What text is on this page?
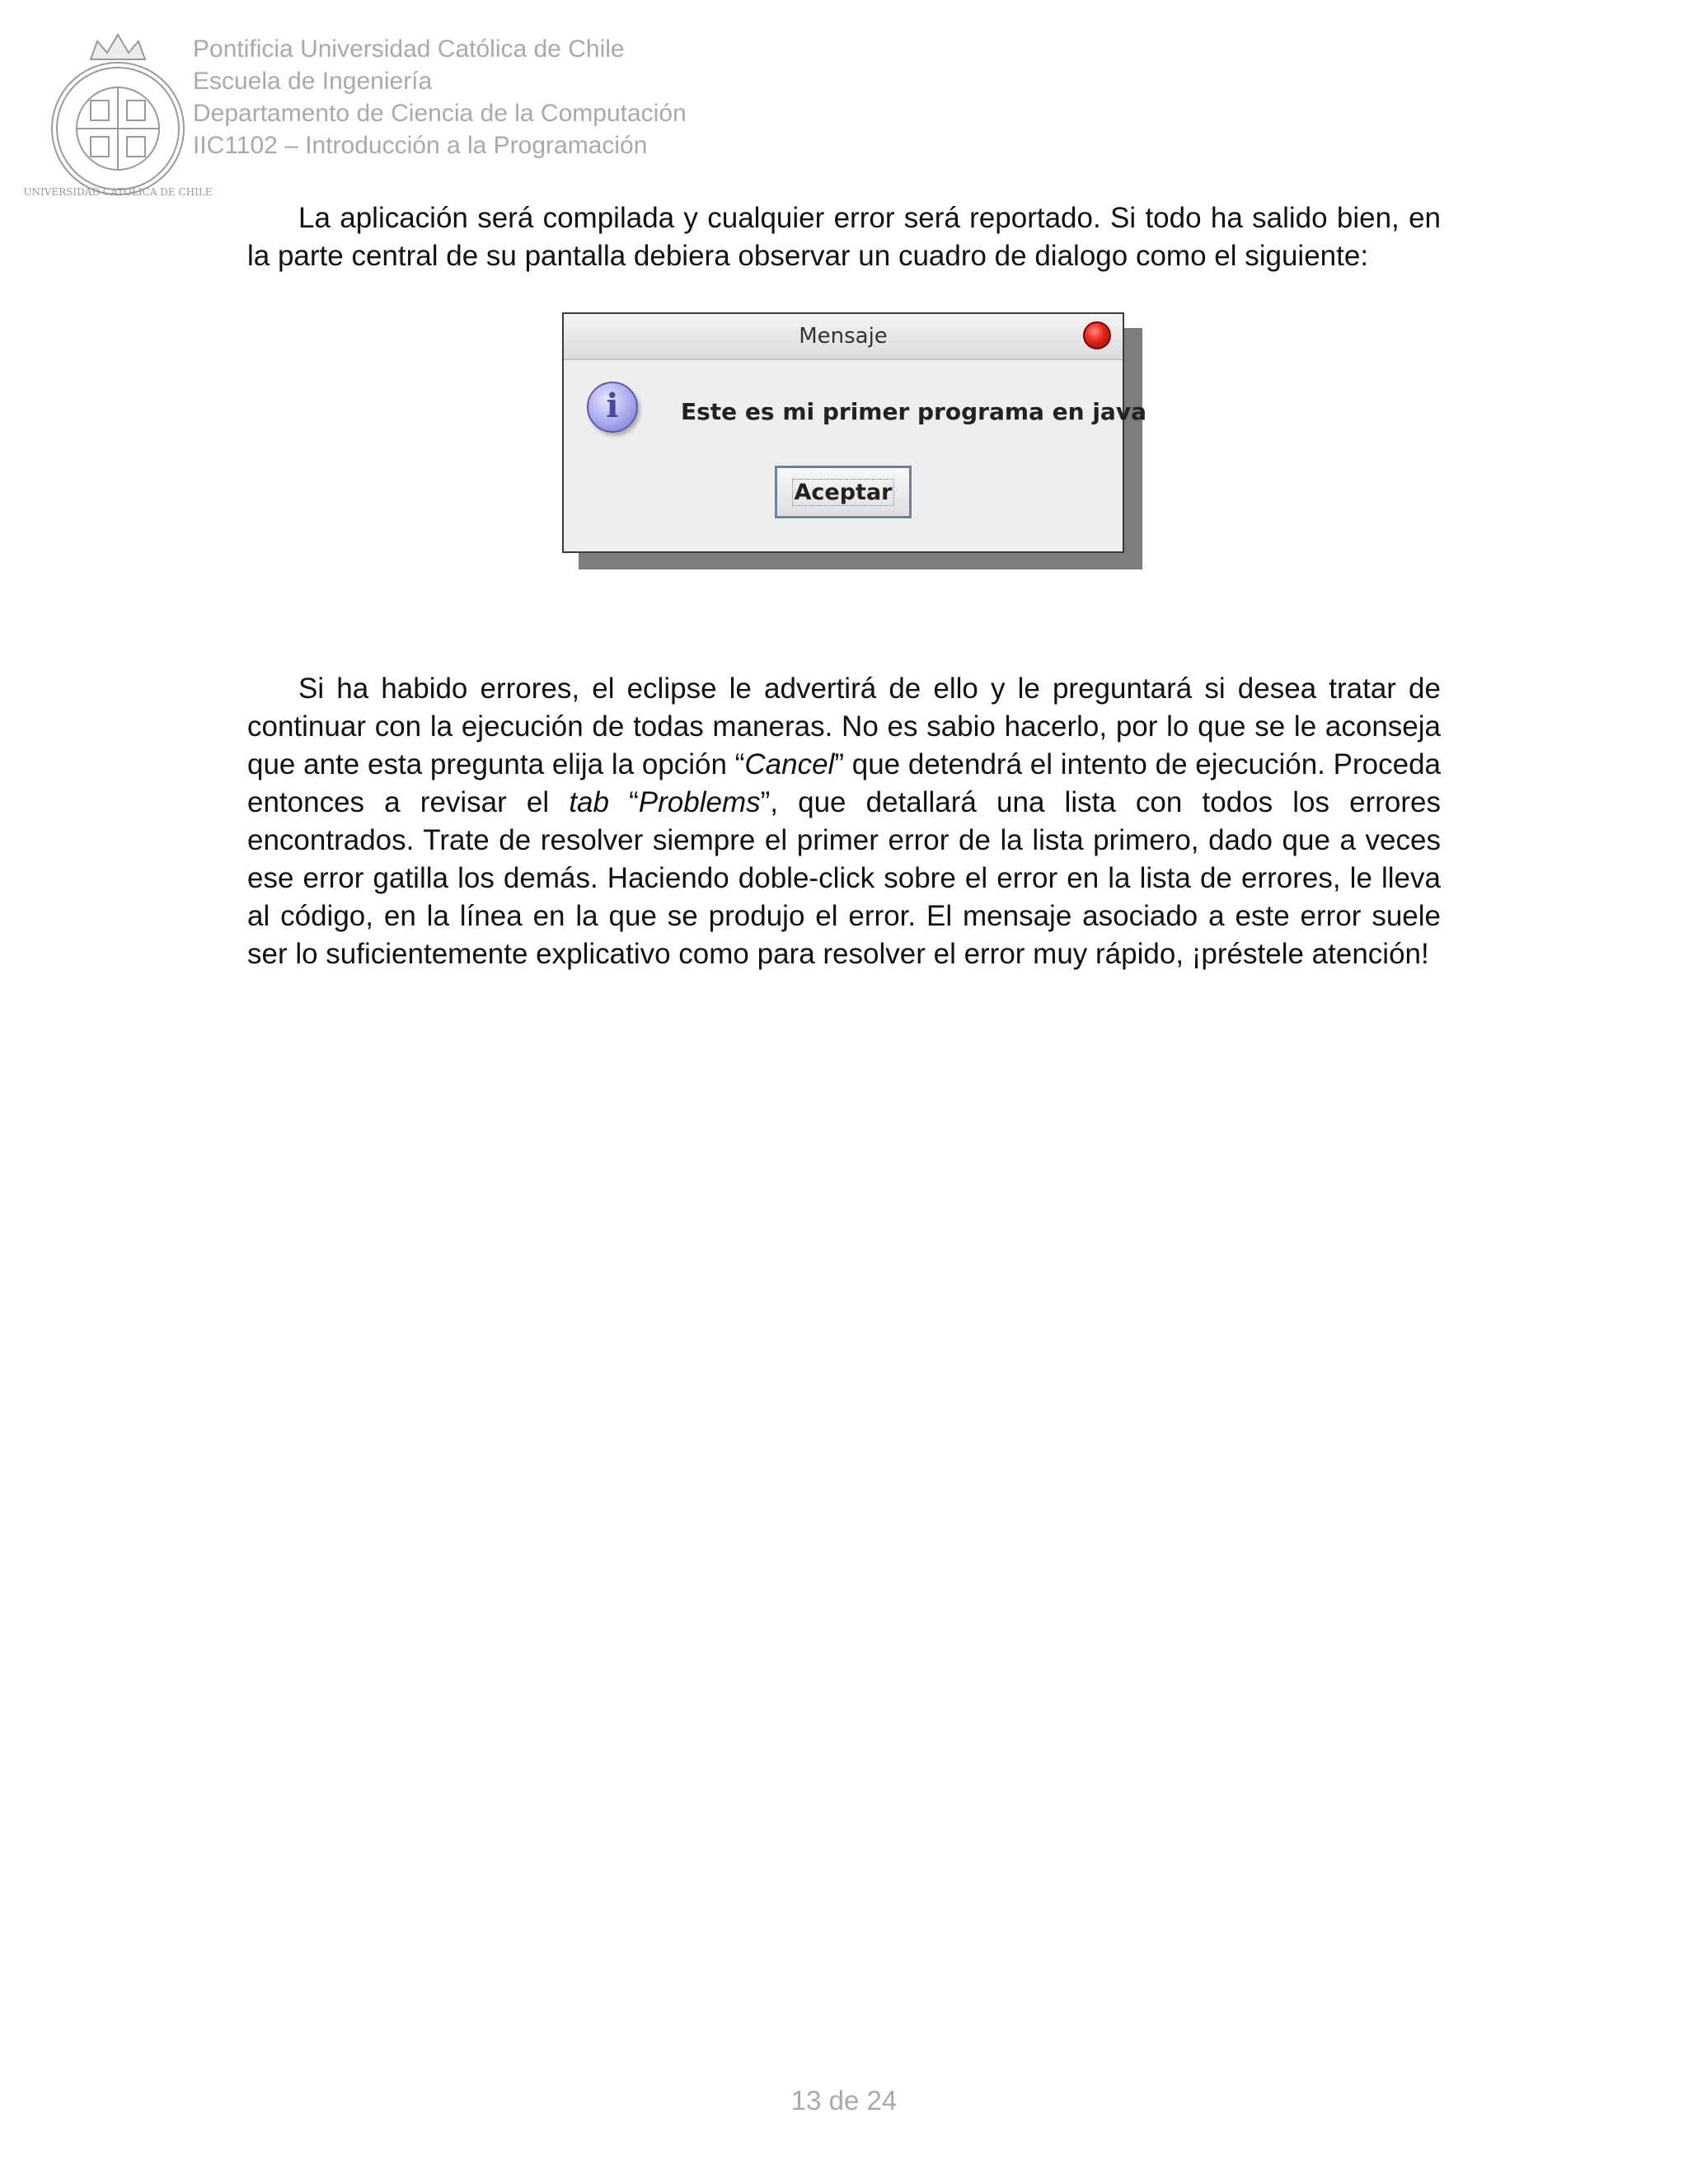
UNIVERSIDAD CATOLICA DE CHILE
Pontificia Universidad Católica de Chile
Escuela de Ingeniería
Departamento de Ciencia de la Computación
IIC1102 – Introducción a la Programación

La aplicación será compilada y cualquier error será reportado. Si todo ha salido bien, en la parte central de su pantalla debiera observar un cuadro de dialogo como el siguiente:

Mensaje
i	Este es mi primer programa en java
Aceptar

Si ha habido errores, el eclipse le advertirá de ello y le preguntará si desea tratar de continuar con la ejecución de todas maneras. No es sabio hacerlo, por lo que se le aconseja que ante esta pregunta elija la opción “Cancel” que detendrá el intento de ejecución. Proceda entonces a revisar el tab “Problems”, que detallará una lista con todos los errores encontrados. Trate de resolver siempre el primer error de la lista primero, dado que a veces ese error gatilla los demás. Haciendo doble-click sobre el error en la lista de errores, le lleva al código, en la línea en la que se produjo el error. El mensaje asociado a este error suele ser lo suficientemente explicativo como para resolver el error muy rápido, ¡préstele atención!

13 de 24
